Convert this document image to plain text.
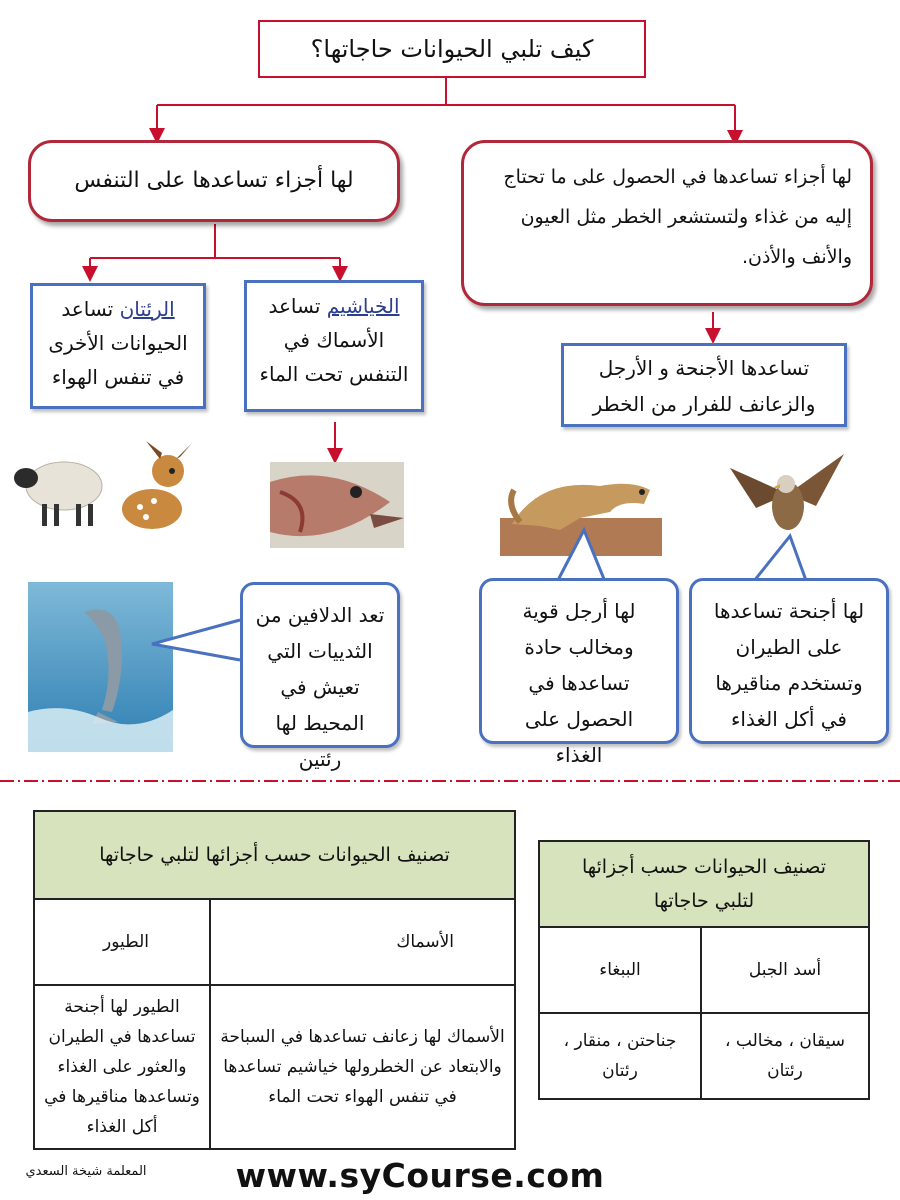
كيف تلبي الحيوانات حاجاتها؟
لها أجزاء تساعدها على التنفس	لها أجزاء تساعدها في الحصول على ما تحتاج إليه من غذاء ولتستشعر الخطر مثل العيون والأنف والأذن.
الرئتان تساعد الحيوانات الأخرى في تنفس الهواء
الخياشيم تساعد الأسماك في التنفس تحت الماء	تساعدها الأجنحة و الأرجل والزعانف للفرار من الخطر
تعد الدلافين من الثدييات التي تعيش في المحيط لها رئتين
لها أرجل قوية ومخالب حادة تساعدها في الحصول على الغذاء
لها أجنحة تساعدها على الطيران وتستخدم مناقيرها في أكل الغذاء
تصنيف الحيوانات حسب أجزائها لتلبي حاجاتها	
الأسماك	الطيور
الأسماك لها زعانف تساعدها في السباحة والابتعاد عن الخطرولها خياشيم تساعدها في تنفس الهواء تحت الماء	الطيور لها أجنحة تساعدها في الطيران والعثور على الغذاء وتساعدها مناقيرها في أكل الغذاء
تصنيف الحيوانات حسب أجزائها لتلبي حاجاتها	
أسد الجبل	الببغاء
سيقان ، مخالب ، رئتان	جناحتن ، منقار ، رئتان
المعلمة شيخة السعدي	www.syCourse.com
